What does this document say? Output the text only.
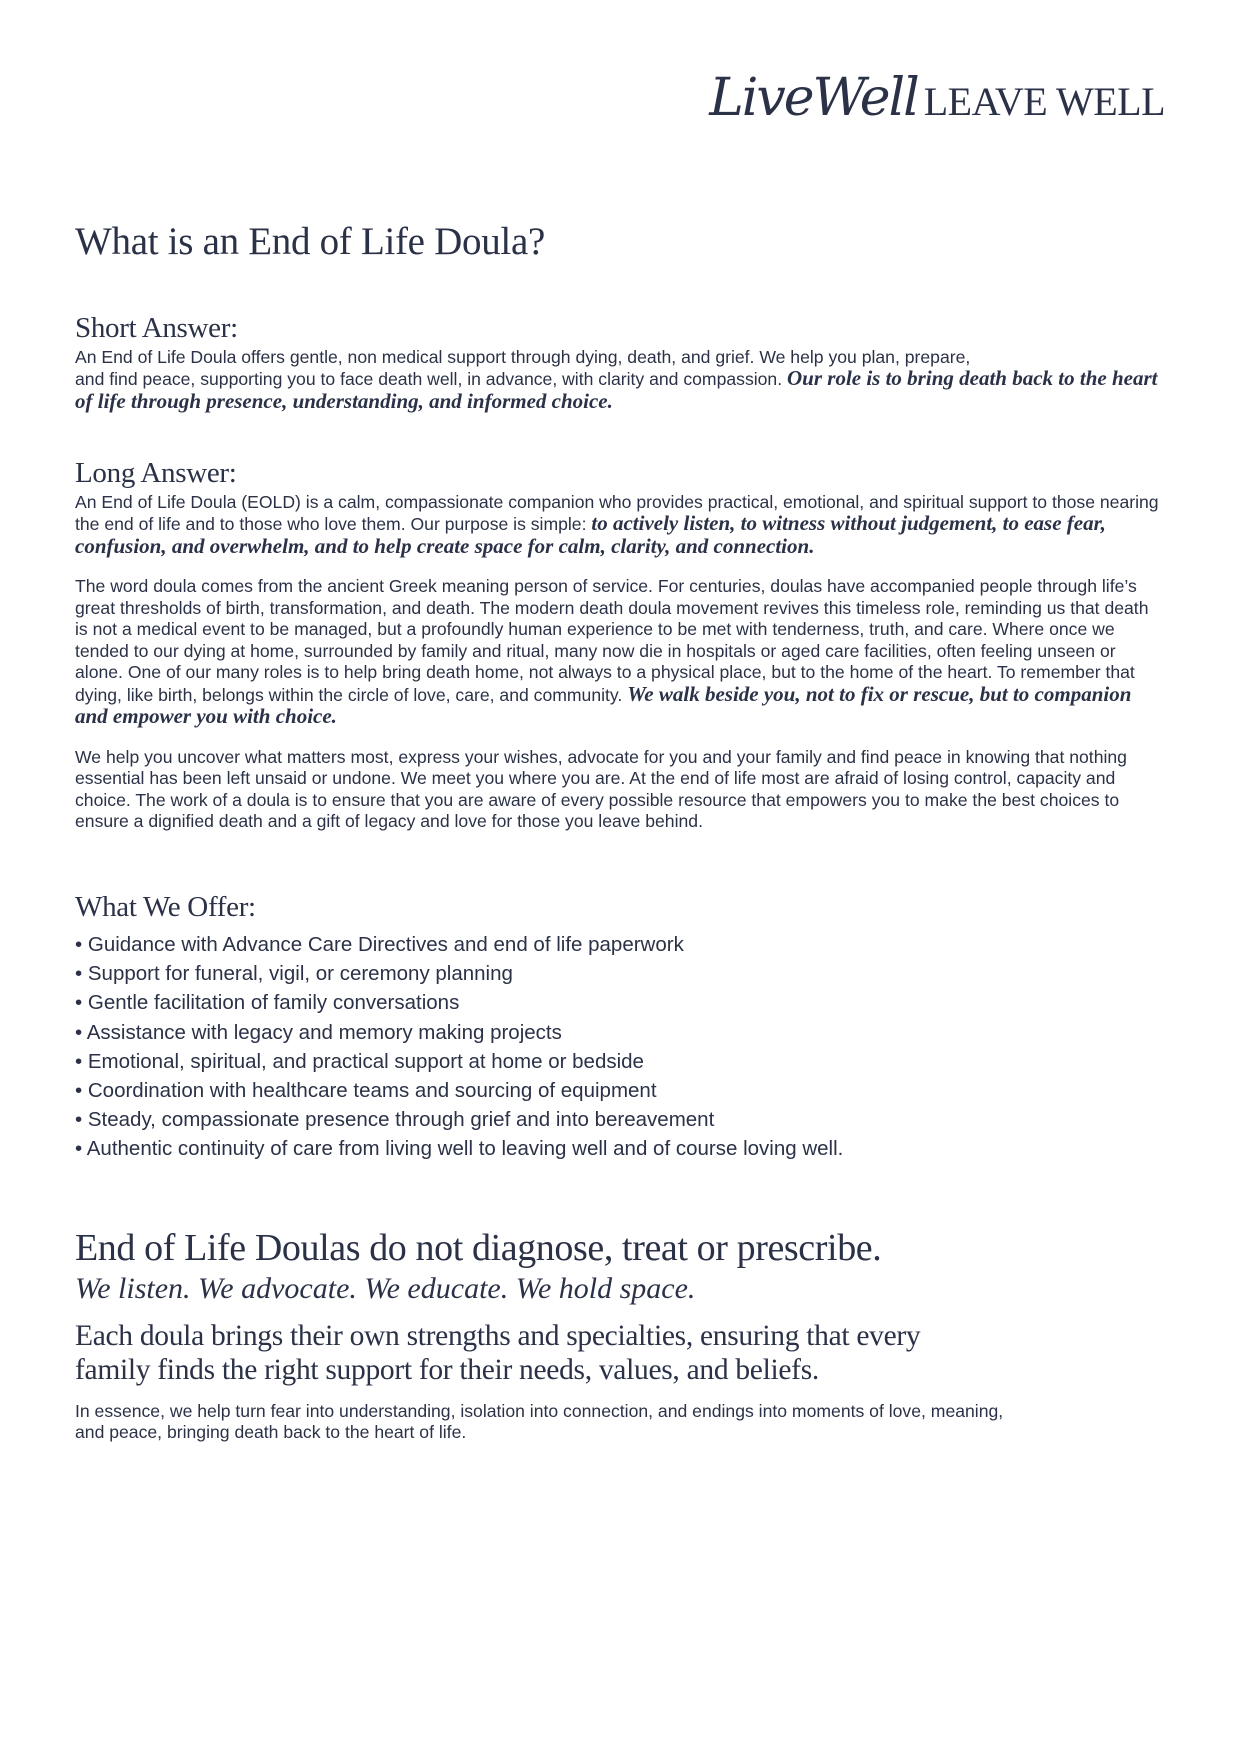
LiveWell LEAVE WELL
What is an End of Life Doula?
Short Answer:

An End of Life Doula offers gentle, non medical support through dying, death, and grief. We help you plan, prepare,
and find peace, supporting you to face death well, in advance, with clarity and compassion. Our role is to bring death back to the heart of life through presence, understanding, and informed choice.

Long Answer:

An End of Life Doula (EOLD) is a calm, compassionate companion who provides practical, emotional, and spiritual support to those nearing the end of life and to those who love them. Our purpose is simple: to actively listen, to witness without judgement, to ease fear, confusion, and overwhelm, and to help create space for calm, clarity, and connection.

The word doula comes from the ancient Greek meaning person of service. For centuries, doulas have accompanied people through life’s great thresholds of birth, transformation, and death. The modern death doula movement revives this timeless role, reminding us that death is not a medical event to be managed, but a profoundly human experience to be met with tenderness, truth, and care. Where once we tended to our dying at home, surrounded by family and ritual, many now die in hospitals or aged care facilities, often feeling unseen or alone. One of our many roles is to help bring death home, not always to a physical place, but to the home of the heart. To remember that dying, like birth, belongs within the circle of love, care, and community. We walk beside you, not to fix or rescue, but to companion and empower you with choice.

We help you uncover what matters most, express your wishes, advocate for you and your family and find peace in knowing that nothing essential has been left unsaid or undone. We meet you where you are. At the end of life most are afraid of losing control, capacity and choice. The work of a doula is to ensure that you are aware of every possible resource that empowers you to make the best choices to ensure a dignified death and a gift of legacy and love for those you leave behind.

What We Offer:
• Guidance with Advance Care Directives and end of life paperwork
• Support for funeral, vigil, or ceremony planning
• Gentle facilitation of family conversations
• Assistance with legacy and memory making projects
• Emotional, spiritual, and practical support at home or bedside
• Coordination with healthcare teams and sourcing of equipment
• Steady, compassionate presence through grief and into bereavement
• Authentic continuity of care from living well to leaving well and of course loving well.

End of Life Doulas do not diagnose, treat or prescribe.

We listen. We advocate. We educate. We hold space.

Each doula brings their own strengths and specialties, ensuring that every
family finds the right support for their needs, values, and beliefs.

In essence, we help turn fear into understanding, isolation into connection, and endings into moments of love, meaning,
and peace, bringing death back to the heart of life.
